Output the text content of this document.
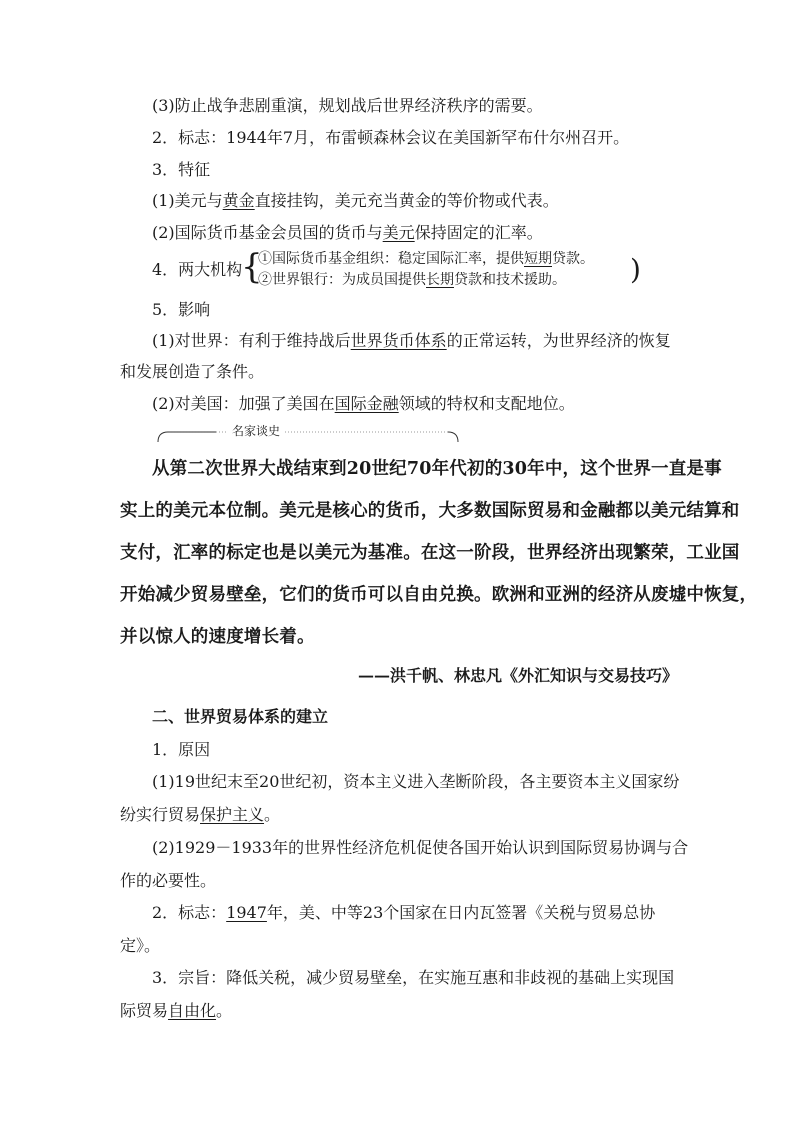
(3)防止战争悲剧重演，规划战后世界经济秩序的需要。
2．标志：1944年7月，布雷顿森林会议在美国新罕布什尔州召开。
3．特征
(1)美元与黄金直接挂钩，美元充当黄金的等价物或代表。
(2)国际货币基金会员国的货币与美元保持固定的汇率。
4．两大机构
{
①国际货币基金组织：稳定国际汇率，提供短期贷款。
②世界银行：为成员国提供长期贷款和技术援助。 )
5．影响
(1)对世界：有利于维持战后世界货币体系的正常运转，为世界经济的恢复
和发展创造了条件。
(2)对美国：加强了美国在国际金融领域的特权和支配地位。
名家谈史
从第二次世界大战结束到20世纪70年代初的30年中，这个世界一直是事
实上的美元本位制。美元是核心的货币，大多数国际贸易和金融都以美元结算和
支付，汇率的标定也是以美元为基准。在这一阶段，世界经济出现繁荣，工业国
开始减少贸易壁垒，它们的货币可以自由兑换。欧洲和亚洲的经济从废墟中恢复，
并以惊人的速度增长着。
——洪千帆、林忠凡《外汇知识与交易技巧》
二、世界贸易体系的建立
1．原因
(1)19世纪末至20世纪初，资本主义进入垄断阶段，各主要资本主义国家纷
纷实行贸易保护主义。
(2)1929－1933年的世界性经济危机促使各国开始认识到国际贸易协调与合
作的必要性。
2．标志：1947年，美、中等23个国家在日内瓦签署《关税与贸易总协
定》。
3．宗旨：降低关税，减少贸易壁垒，在实施互惠和非歧视的基础上实现国
际贸易自由化。
